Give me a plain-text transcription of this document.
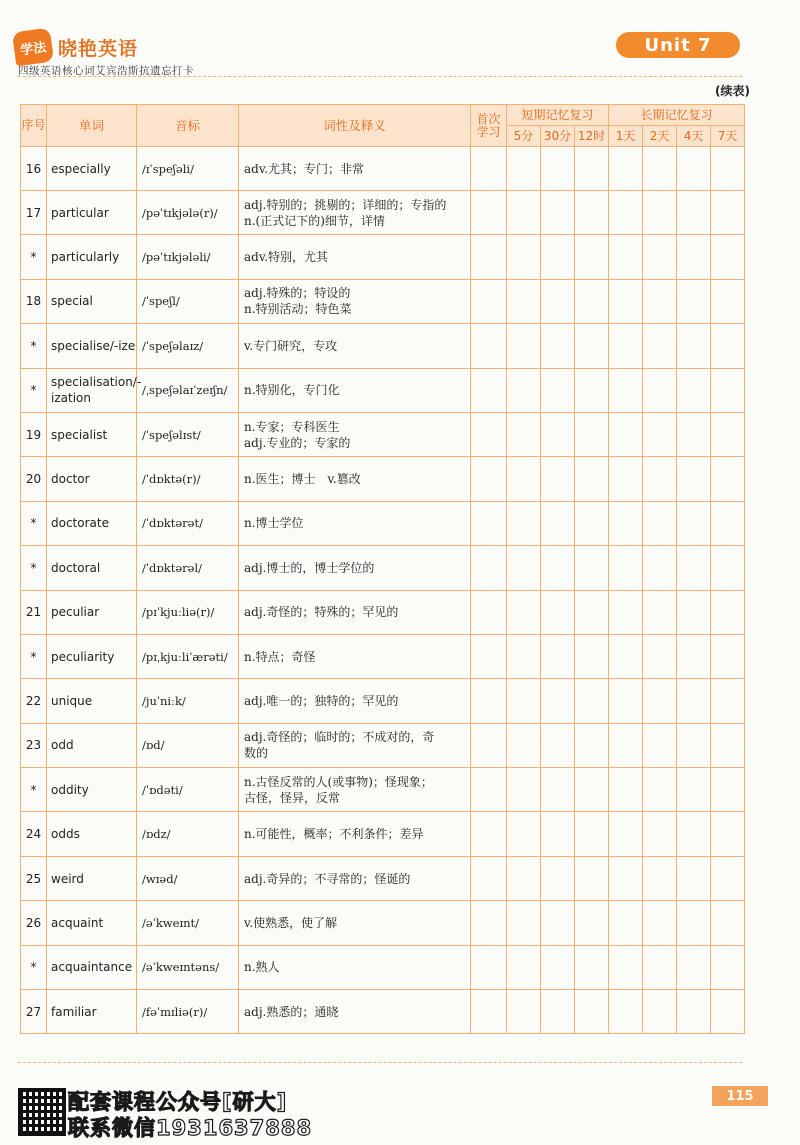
学法 晓艳英语
四级英语核心词艾宾浩斯抗遗忘打卡
Unit 7
(续表)
序号	单词	音标	词性及释义	首次学习	短期记忆复习			长期记忆复习			
					5分	30分	12时	1天	2天	4天	7天
16	especially	/ɪˈspeʃəli/	adv.尤其；专门；非常								

17	particular	/pəˈtɪkjələ(r)/	adj.特别的；挑剔的；详细的；专指的
n.(正式记下的)细节，详情								

*	particularly	/pəˈtɪkjələli/	adv.特别，尤其								

18	special	/ˈspeʃl/	adj.特殊的；特设的
n.特别活动；特色菜								

*	specialise/-ize	/ˈspeʃəlaɪz/	v.专门研究，专攻								

*	specialisation/-ization	/ˌspeʃəlaɪˈzeɪʃn/	n.特别化，专门化								

19	specialist	/ˈspeʃəlɪst/	n.专家；专科医生
adj.专业的；专家的								

20	doctor	/ˈdɒktə(r)/	n.医生；博士　v.篡改								

*	doctorate	/ˈdɒktərət/	n.博士学位								

*	doctoral	/ˈdɒktərəl/	adj.博士的，博士学位的								

21	peculiar	/pɪˈkjuːliə(r)/	adj.奇怪的；特殊的；罕见的								

*	peculiarity	/pɪˌkjuːliˈærəti/	n.特点；奇怪								

22	unique	/juˈniːk/	adj.唯一的；独特的；罕见的								

23	odd	/ɒd/	adj.奇怪的；临时的；不成对的，奇
数的								

*	oddity	/ˈɒdəti/	n.古怪反常的人(或事物)；怪现象；
古怪，怪异，反常								

24	odds	/ɒdz/	n.可能性，概率；不利条件；差异								

25	weird	/wɪəd/	adj.奇异的；不寻常的；怪诞的								

26	acquaint	/əˈkweɪnt/	v.使熟悉，使了解								

*	acquaintance	/əˈkweɪntəns/	n.熟人								

27	familiar	/fəˈmɪliə(r)/	adj.熟悉的；通晓								

配套课程公众号[研大]
联系微信1931637888
115
